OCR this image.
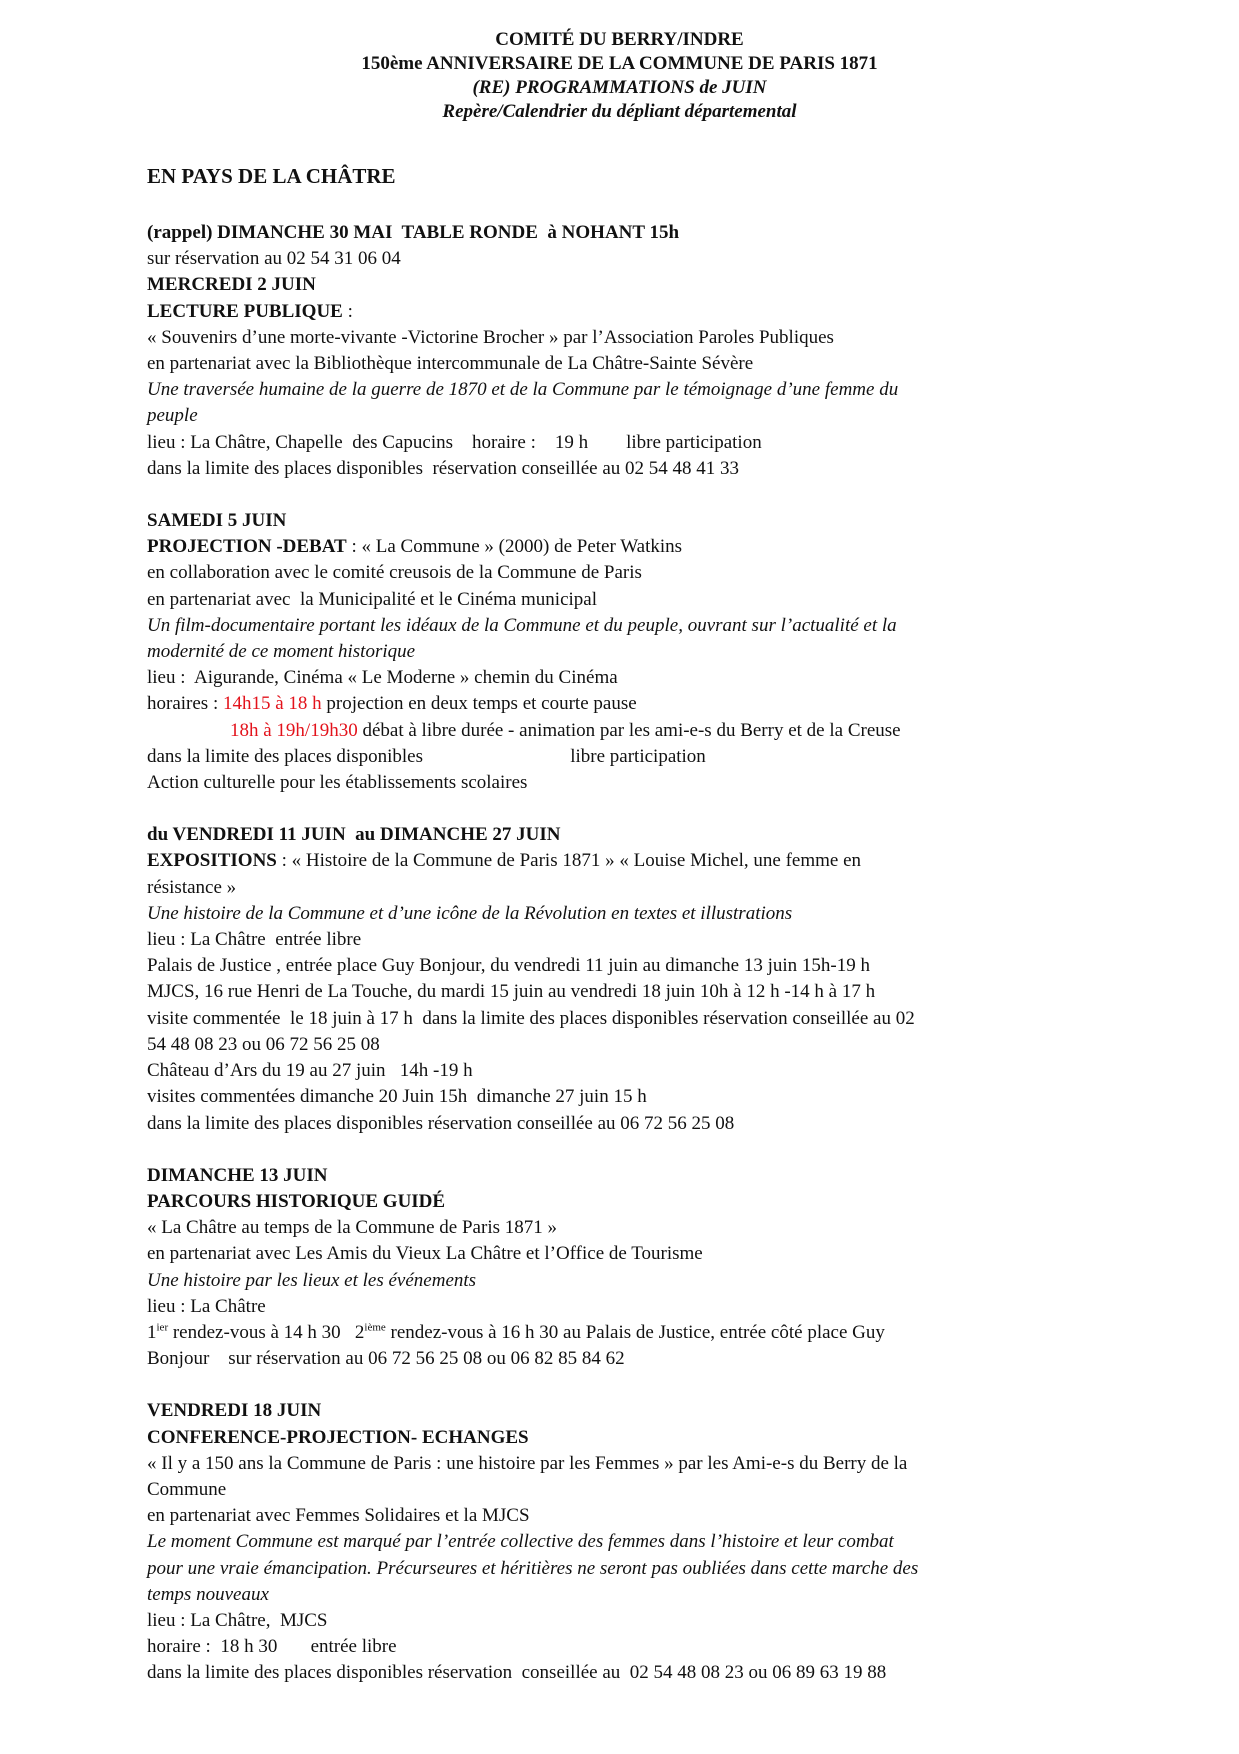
COMITÉ DU BERRY/INDRE
150ème ANNIVERSAIRE DE LA COMMUNE DE PARIS 1871
(RE) PROGRAMMATIONS de JUIN
Repère/Calendrier du dépliant départemental
EN PAYS DE LA CHÂTRE
(rappel) DIMANCHE 30 MAI  TABLE RONDE  à NOHANT 15h
sur réservation au 02 54 31 06 04
MERCREDI 2 JUIN
LECTURE PUBLIQUE :
« Souvenirs d’une morte-vivante -Victorine Brocher » par l’Association Paroles Publiques
en partenariat avec la Bibliothèque intercommunale de La Châtre-Sainte Sévère
Une traversée humaine de la guerre de 1870 et de la Commune par le témoignage d’une femme du
peuple
lieu : La Châtre, Chapelle  des Capucins    horaire :    19 h        libre participation
dans la limite des places disponibles  réservation conseillée au 02 54 48 41 33
SAMEDI 5 JUIN
PROJECTION -DEBAT : « La Commune » (2000) de Peter Watkins
en collaboration avec le comité creusois de la Commune de Paris
en partenariat avec  la Municipalité et le Cinéma municipal
Un film-documentaire portant les idéaux de la Commune et du peuple, ouvrant sur l’actualité et la
modernité de ce moment historique
lieu :  Aigurande, Cinéma « Le Moderne » chemin du Cinéma
horaires : 14h15 à 18 h projection en deux temps et courte pause
18h à 19h/19h30 débat à libre durée - animation par les ami-e-s du Berry et de la Creuse
dans la limite des places disponibles                               libre participation
Action culturelle pour les établissements scolaires
du VENDREDI 11 JUIN  au DIMANCHE 27 JUIN
EXPOSITIONS : « Histoire de la Commune de Paris 1871 » « Louise Michel, une femme en
résistance »
Une histoire de la Commune et d’une icône de la Révolution en textes et illustrations
lieu : La Châtre  entrée libre
Palais de Justice , entrée place Guy Bonjour, du vendredi 11 juin au dimanche 13 juin 15h-19 h
MJCS, 16 rue Henri de La Touche, du mardi 15 juin au vendredi 18 juin 10h à 12 h -14 h à 17 h
visite commentée  le 18 juin à 17 h  dans la limite des places disponibles réservation conseillée au 02
54 48 08 23 ou 06 72 56 25 08
Château d’Ars du 19 au 27 juin   14h -19 h
visites commentées dimanche 20 Juin 15h  dimanche 27 juin 15 h
dans la limite des places disponibles réservation conseillée au 06 72 56 25 08
DIMANCHE 13 JUIN
PARCOURS HISTORIQUE GUIDÉ
« La Châtre au temps de la Commune de Paris 1871 »
en partenariat avec Les Amis du Vieux La Châtre et l’Office de Tourisme
Une histoire par les lieux et les événements
lieu : La Châtre
$1^{ier}$ rendez-vous à 14 h 30   2ième rendez-vous à 16 h 30 au Palais de Justice, entrée côté place Guy
Bonjour    sur réservation au 06 72 56 25 08 ou 06 82 85 84 62
VENDREDI 18 JUIN
CONFERENCE-PROJECTION- ECHANGES
« Il y a 150 ans la Commune de Paris : une histoire par les Femmes » par les Ami-e-s du Berry de la
Commune
en partenariat avec Femmes Solidaires et la MJCS
Le moment Commune est marqué par l’entrée collective des femmes dans l’histoire et leur combat
pour une vraie émancipation. Précurseures et héritières ne seront pas oubliées dans cette marche des
temps nouveaux
lieu : La Châtre,  MJCS
horaire :  18 h 30       entrée libre
dans la limite des places disponibles réservation  conseillée au  02 54 48 08 23 ou 06 89 63 19 88
